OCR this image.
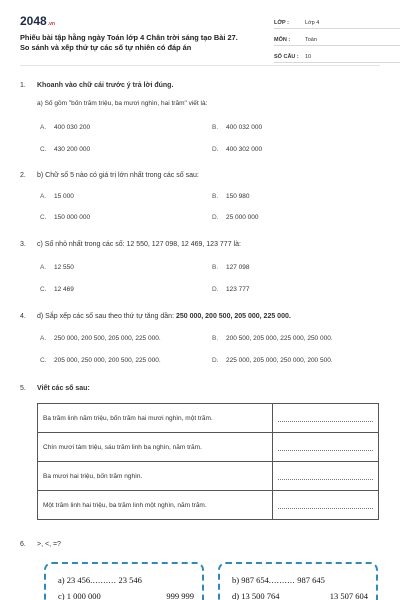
2048.vn
Phiếu bài tập hằng ngày Toán lớp 4 Chân trời sáng tạo Bài 27. So sánh và xếp thứ tự các số tự nhiên có đáp án
LỚP :	Lớp 4
MÔN :	Toán
SỐ CÂU :	10
1. Khoanh vào chữ cái trước ý trả lời đúng.
a) Số gồm "bốn trăm triệu, ba mươi nghìn, hai trăm" viết là:
A. 400 030 200	B. 400 032 000
C. 430 200 000	D. 400 302 000
2. b) Chữ số 5 nào có giá trị lớn nhất trong các số sau:
A. 15 000	B. 150 980
C. 150 000 000	D. 25 000 000
3. c) Số nhỏ nhất trong các số: 12 550, 127 098, 12 469, 123 777 là:
A. 12 550	B. 127 098
C. 12 469	D. 123 777
4. d) Sắp xếp các số sau theo thứ tự tăng dần: 250 000, 200 500, 205 000, 225 000.
A. 250 000, 200 500, 205 000, 225 000.	B. 200 500, 205 000, 225 000, 250 000.
C. 205 000, 250 000, 200 500, 225 000.	D. 225 000, 205 000, 250 000, 200 500.
5. Viết các số sau:
Ba trăm linh năm triệu, bốn trăm hai mươi nghìn, một trăm.	

Chín mươi tám triệu, sáu trăm linh ba nghìn, năm trăm.	

Ba mươi hai triệu, bốn trăm nghìn.	

Một trăm linh hai triệu, ba trăm linh một nghìn, năm trăm.	
6. >, <, =?
a) 23 456.......... 23 546
c) 1 000 000	999 999
b) 987 654.......... 987 645
d) 13 500 764	13 507 604
